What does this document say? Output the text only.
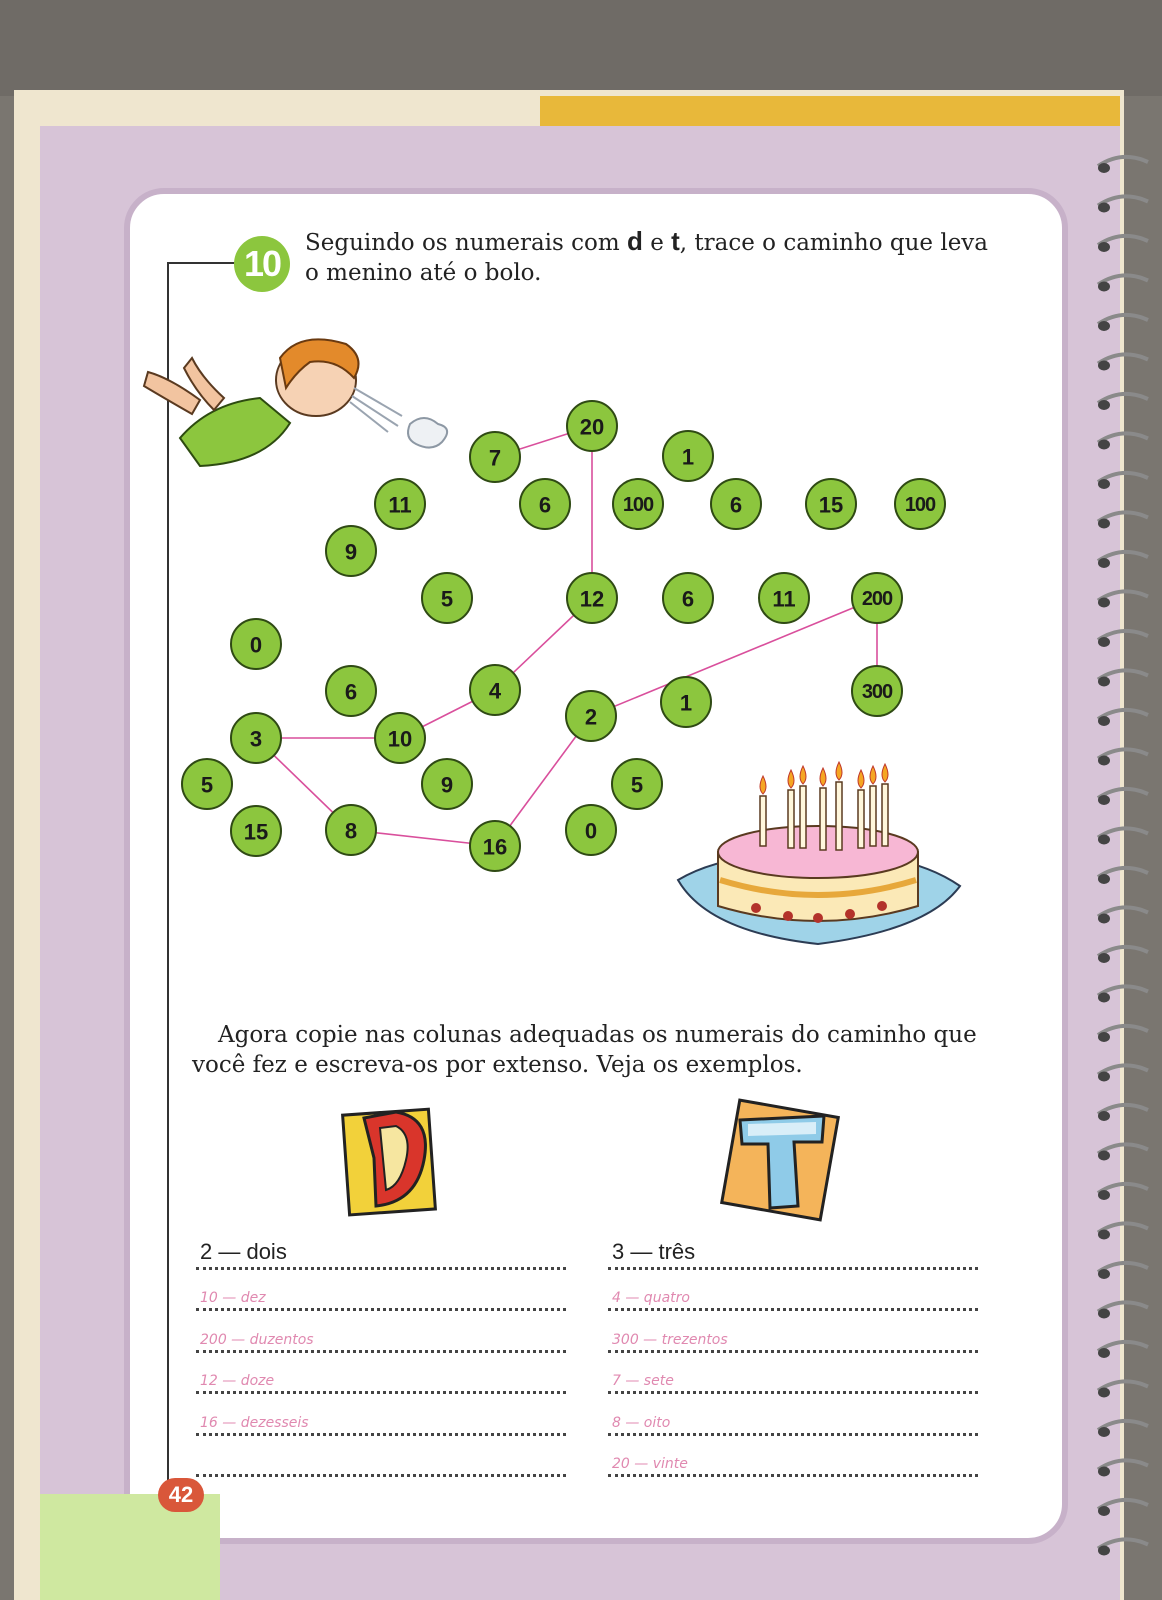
10	Seguindo os numerais com d e t, trace o caminho que leva o menino até o bolo.
20
7	1
11	6	100	6	15	100
9
5	12	6	11	200
0
6	4	300
1
2
3	10
5	9	5
15	8	0
16
Agora copie nas colunas adequadas os numerais do caminho que você fez e escreva-os por extenso. Veja os exemplos.
2 — dois
10 — dez
200 — duzentos
12 — doze
16 — dezesseis
3 — três
4 — quatro
300 — trezentos
7 — sete
8 — oito
20 — vinte
42
